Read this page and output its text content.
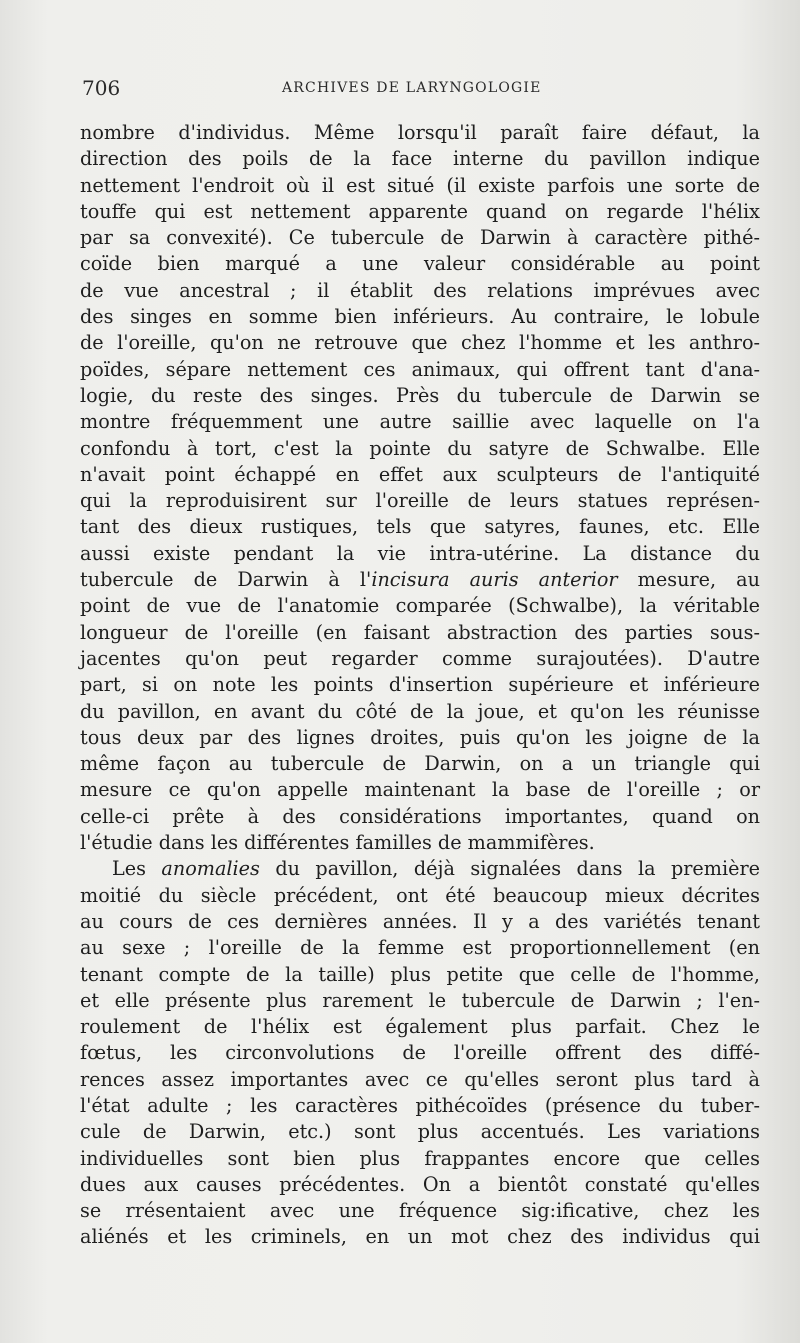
706	ARCHIVES DE LARYNGOLOGIE
nombre d'individus. Même lorsqu'il paraît faire défaut, la
direction des poils de la face interne du pavillon indique
nettement l'endroit où il est situé (il existe parfois une sorte de
touffe qui est nettement apparente quand on regarde l'hélix
par sa convexité). Ce tubercule de Darwin à caractère pithé-
coïde bien marqué a une valeur considérable au point
de vue ancestral ; il établit des relations imprévues avec
des singes en somme bien inférieurs. Au contraire, le lobule
de l'oreille, qu'on ne retrouve que chez l'homme et les anthro-
poïdes, sépare nettement ces animaux, qui offrent tant d'ana-
logie, du reste des singes. Près du tubercule de Darwin se
montre fréquemment une autre saillie avec laquelle on l'a
confondu à tort, c'est la pointe du satyre de Schwalbe. Elle
n'avait point échappé en effet aux sculpteurs de l'antiquité
qui la reproduisirent sur l'oreille de leurs statues représen-
tant des dieux rustiques, tels que satyres, faunes, etc. Elle
aussi existe pendant la vie intra-utérine. La distance du
tubercule de Darwin à l'incisura auris anterior mesure, au
point de vue de l'anatomie comparée (Schwalbe), la véritable
longueur de l'oreille (en faisant abstraction des parties sous-
jacentes qu'on peut regarder comme surajoutées). D'autre
part, si on note les points d'insertion supérieure et inférieure
du pavillon, en avant du côté de la joue, et qu'on les réunisse
tous deux par des lignes droites, puis qu'on les joigne de la
même façon au tubercule de Darwin, on a un triangle qui
mesure ce qu'on appelle maintenant la base de l'oreille ; or
celle-ci prête à des considérations importantes, quand on
l'étudie dans les différentes familles de mammifères.
Les anomalies du pavillon, déjà signalées dans la première
moitié du siècle précédent, ont été beaucoup mieux décrites
au cours de ces dernières années. Il y a des variétés tenant
au sexe ; l'oreille de la femme est proportionnellement (en
tenant compte de la taille) plus petite que celle de l'homme,
et elle présente plus rarement le tubercule de Darwin ; l'en-
roulement de l'hélix est également plus parfait. Chez le
fœtus, les circonvolutions de l'oreille offrent des diffé-
rences assez importantes avec ce qu'elles seront plus tard à
l'état adulte ; les caractères pithécoïdes (présence du tuber-
cule de Darwin, etc.) sont plus accentués. Les variations
individuelles sont bien plus frappantes encore que celles
dues aux causes précédentes. On a bientôt constaté qu'elles
se rrésentaient avec une fréquence sig:ificative, chez les
aliénés et les criminels, en un mot chez des individus qui
